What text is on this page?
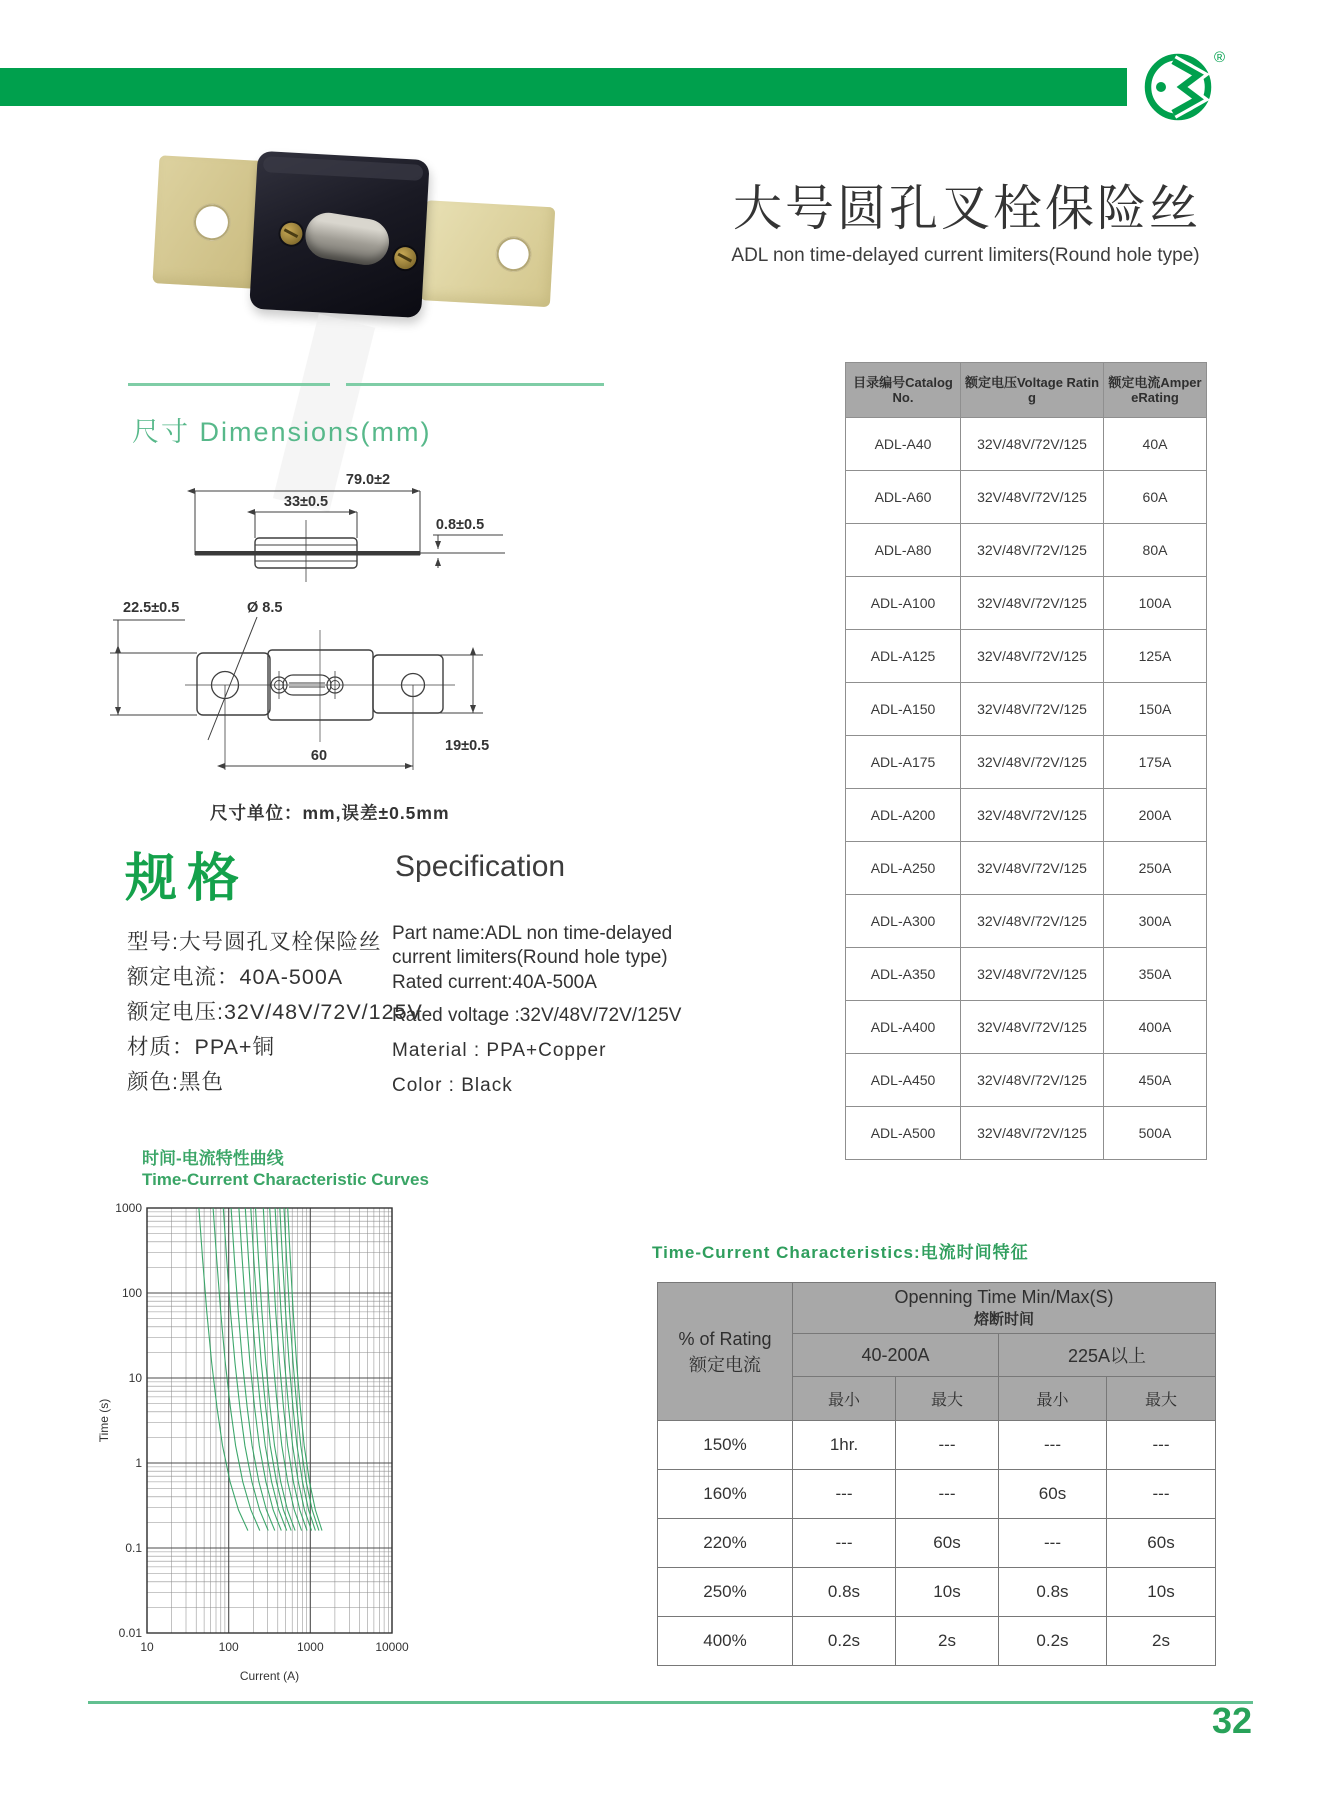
®
大号圆孔叉栓保险丝
ADL non time-delayed current limiters(Round hole type)
尺寸 Dimensions(mm)
79.0±2
33±0.5
0.8±0.5
22.5±0.5	Ø 8.5
19±0.5
60
尺寸单位：mm,误差±0.5mm
规格	Specification
型号:大号圆孔叉栓保险丝
额定电流：40A-500A
额定电压:32V/48V/72V/125V
材质：PPA+铜
颜色:黑色
Part name:ADL non time-delayed current limiters(Round hole type)
Rated current:40A-500A
Rated voltage :32V/48V/72V/125V
Material : PPA+Copper
Color : Black
目录编号Catalog No.	额定电压Voltage Rating	额定电流AmpereRating
ADL-A40	32V/48V/72V/125	40A
ADL-A60	32V/48V/72V/125	60A
ADL-A80	32V/48V/72V/125	80A
ADL-A100	32V/48V/72V/125	100A
ADL-A125	32V/48V/72V/125	125A
ADL-A150	32V/48V/72V/125	150A
ADL-A175	32V/48V/72V/125	175A
ADL-A200	32V/48V/72V/125	200A
ADL-A250	32V/48V/72V/125	250A
ADL-A300	32V/48V/72V/125	300A
ADL-A350	32V/48V/72V/125	350A
ADL-A400	32V/48V/72V/125	400A
ADL-A450	32V/48V/72V/125	450A
ADL-A500	32V/48V/72V/125	500A
时间-电流特性曲线
Time-Current Characteristic Curves
1000
100
10
1
0.1
0.01
10	100	1000	10000
Current (A)
Time (s)
Time-Current Characteristics:电流时间特征
% of Rating
额定电流

Openning Time Min/Max(S)
熔断时间

	40-200A		225A以上	
	最小	最大	最小	最大
150%	1hr.	---	---	---
160%	---	---	60s	---
220%	---	60s	---	60s
250%	0.8s	10s	0.8s	10s
400%	0.2s	2s	0.2s	2s
32
